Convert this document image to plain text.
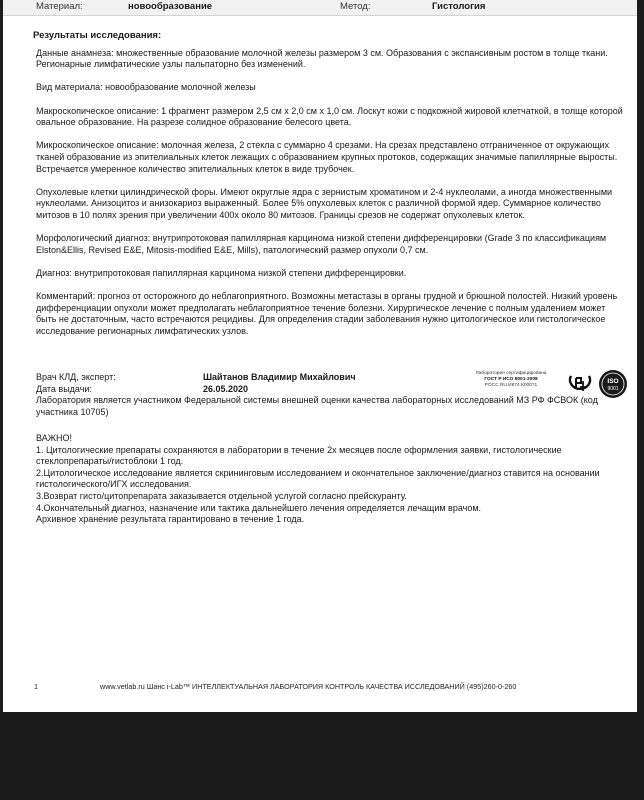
Материал:	новообразование	Метод:	Гистология
Результаты исследования:

Данные анамнеза: множественные образование молочной железы размером 3 см. Образования с экспансивным ростом в толще ткани. Регионарные лимфатические узлы пальпаторно без изменений.

Вид материала: новообразование молочной железы

Макроскопическое описание: 1 фрагмент размером 2,5 см х 2,0 см х 1,0 см. Лоскут кожи с подкожной жировой клетчаткой, в толще которой овальное образование. На разрезе солидное образование белесого цвета.

Микроскопическое описание: молочная железа, 2 стекла с суммарно 4 срезами. На срезах представлено отграниченное от окружающих тканей образование из эпителиальных клеток лежащих с образованием крупных протоков, содержащих значимые папиллярные выросты. Встречается умеренное количество эпителиальных клеток в виде трубочек.

Опухолевые клетки цилиндрической форы. Имеют округлые ядра с зернистым хроматином и 2-4 нуклеолами, а иногда множественными нуклеолами. Анизоцитоз и анизокариоз выраженный. Более 5% опухолевых клеток с различной формой ядер. Суммарное количество митозов в 10 полях зрения при увеличении 400х около 80 митозов. Границы срезов не содержат опухолевых клеток.

Морфологический диагноз: внутрипротоковая папиллярная карцинома низкой степени дифференцировки (Grade 3 по классификациям Elston&Ellis, Revised E&E, Mitosis-modified E&E, Mills), патологический размер опухоли 0,7 см.

Диагноз: внутрипротоковая папиллярная карцинома низкой степени дифференцировки.

Комментарий: прогноз от осторожного до неблагоприятного. Возможны метастазы в органы грудной и брюшной полостей. Низкий уровень дифференциации опухоли может предполагать неблагоприятное течение болезни. Хирургическое лечение с полным удалением может быть не достаточным, часто встречаются рецидивы. Для определения стадии заболевания нужно цитологическое или гистологическое исследование регионарных лимфатических узлов.

Врач КЛД, эксперт:	Шайтанов Владимир Михайлович
Дата выдачи:	26.05.2020
Лаборатория является участником Федеральной системы внешней оценки качества лабораторных исследований МЗ РФ ФСВОК (код участника 10705)
Лаборатория сертифицирована
ГОСТ Р ИСО 9001-2008
РОСС RU.ИК74.К00071
ISO
9001
ВАЖНО!
1. Цитологические препараты сохраняются в лаборатории в течение 2х месяцев после оформления заявки, гистологические стеклопрепараты/гистоблоки 1 год.
2.Цитологическое исследование является скрининговым исследованием и окончательное заключение/диагноз ставится на основании гистологического/ИГХ исследования.
3.Возврат гисто/цитопрепарата заказывается отдельной услугой согласно прейскуранту.
4.Окончательный диагноз, назначение или тактика дальнейшего лечения определяется лечащим врачом.
Архивное хранение результата гарантировано в течение 1 года.
1	www.vetlab.ru Шанс i-Lab™ ИНТЕЛЛЕКТУАЛЬНАЯ ЛАБОРАТОРИЯ КОНТРОЛЬ КАЧЕСТВА ИССЛЕДОВАНИЙ (495)260-0-260
